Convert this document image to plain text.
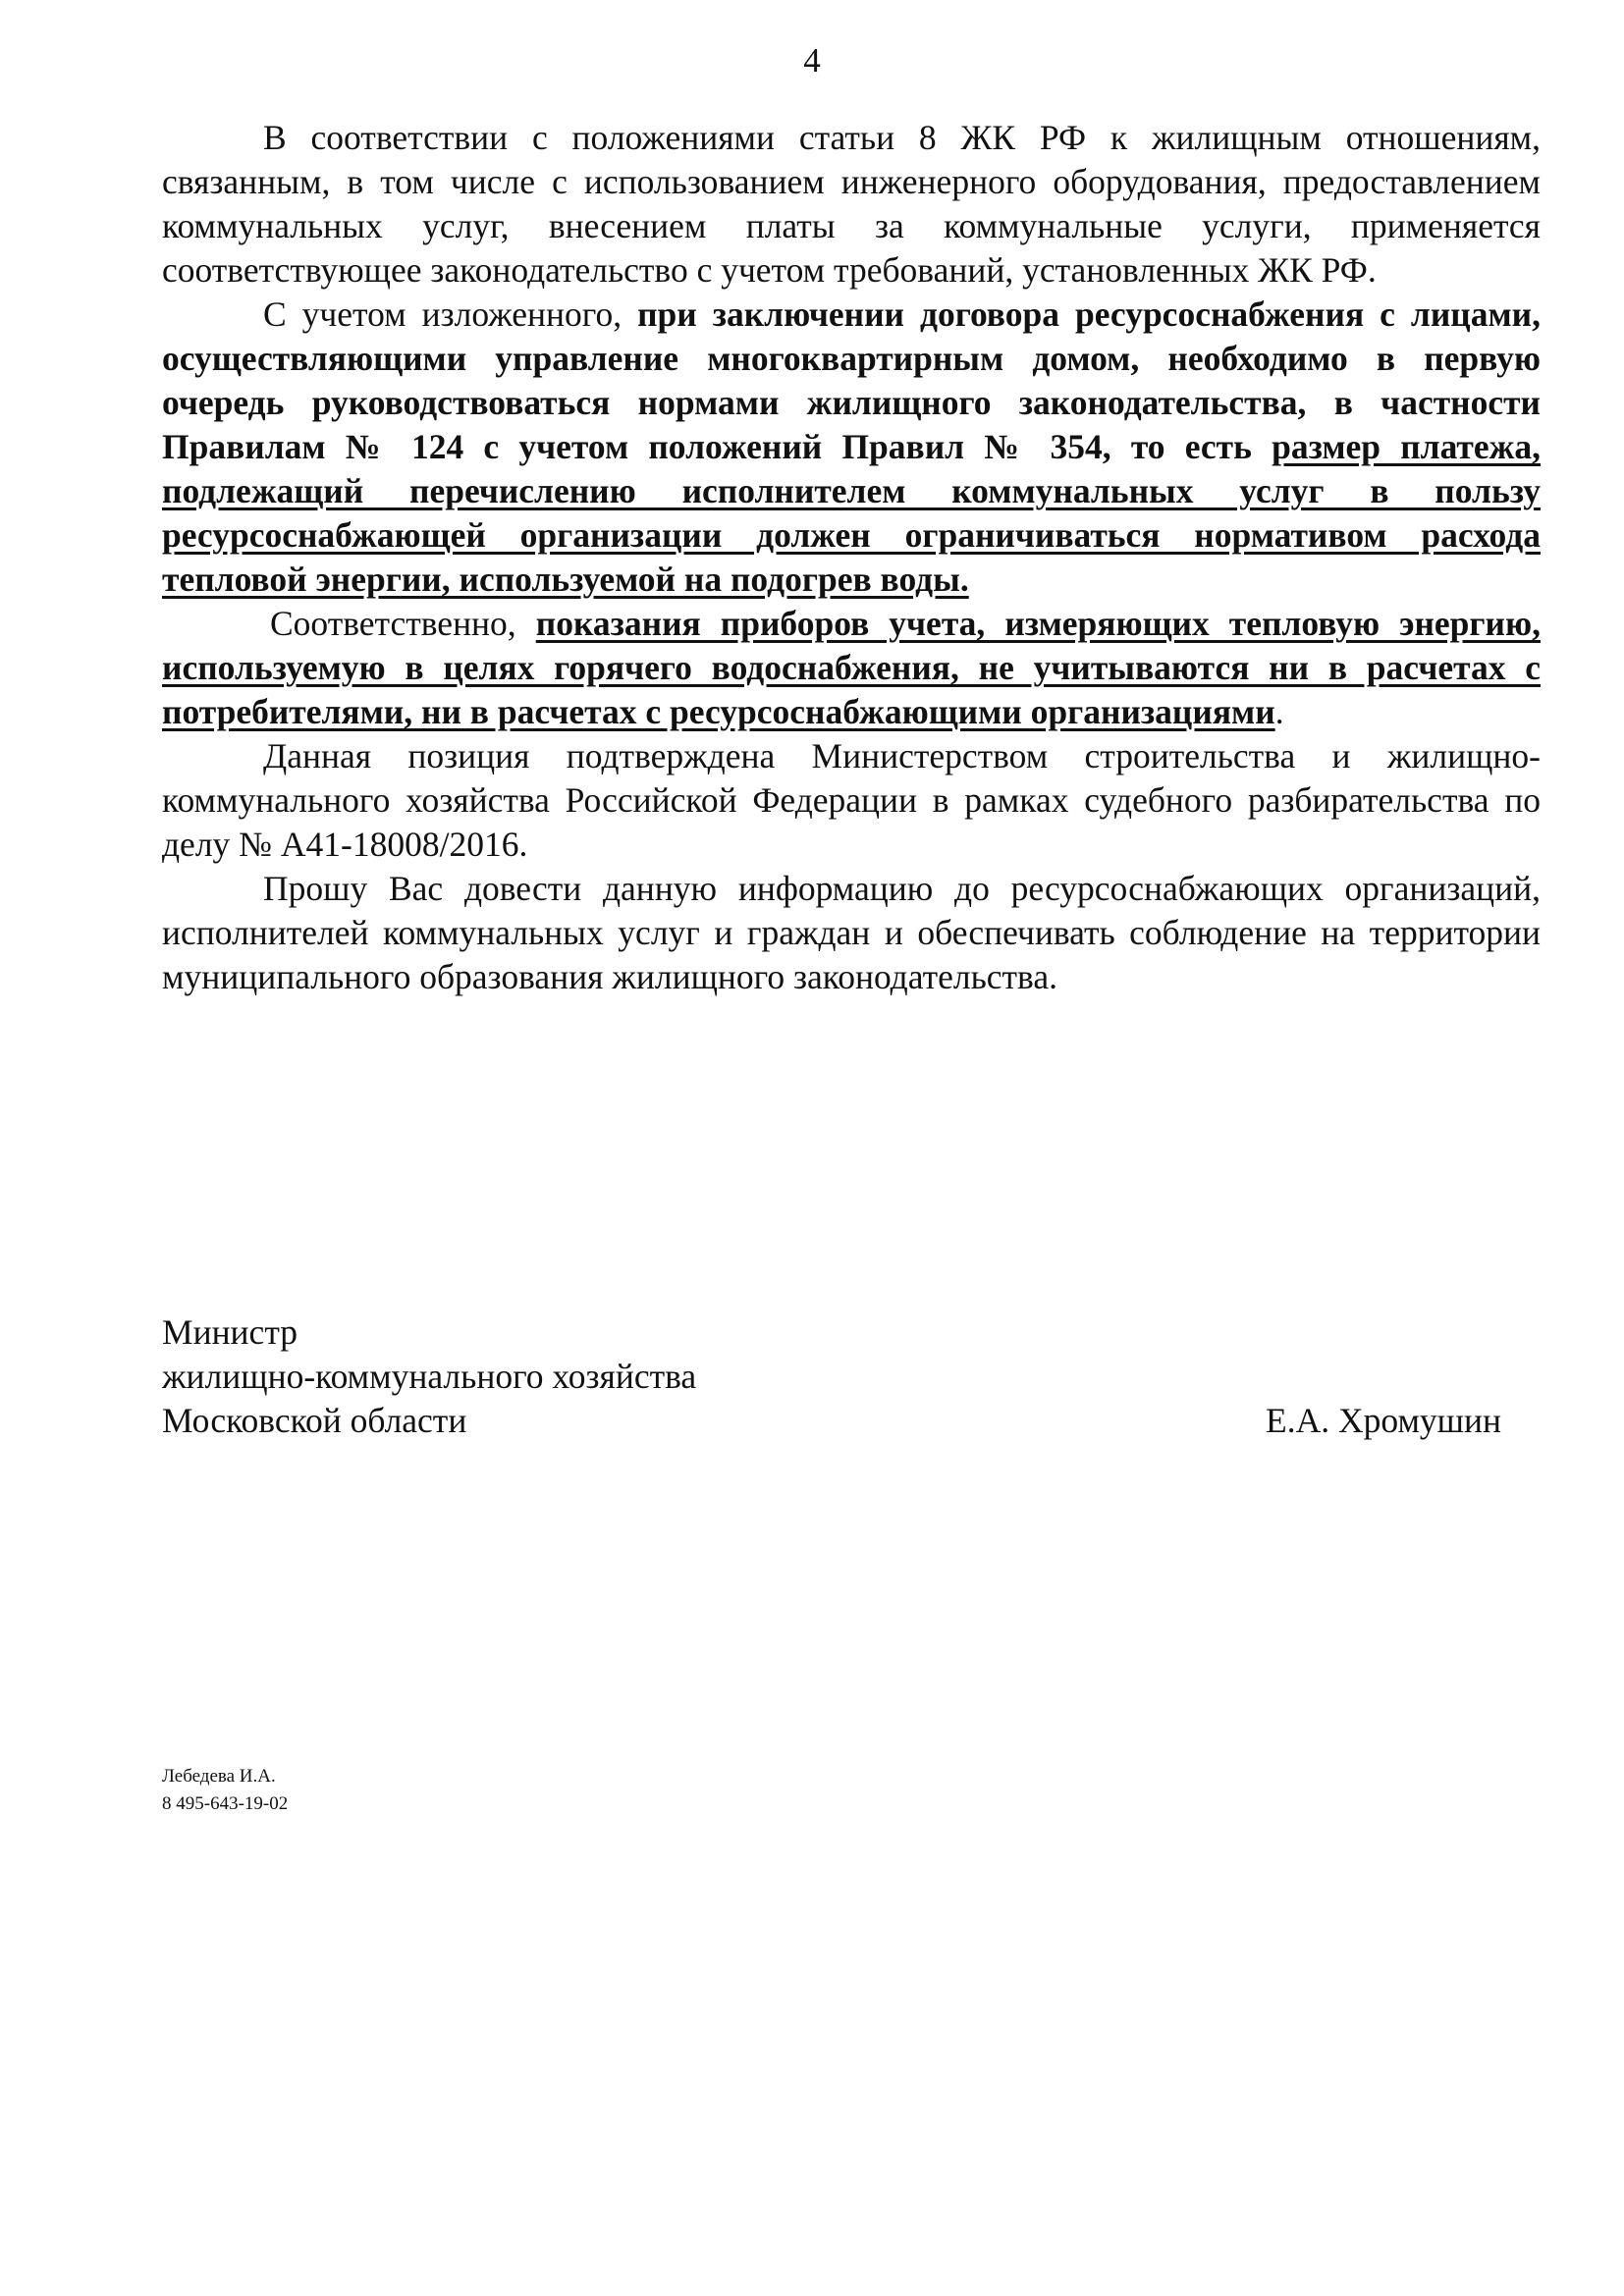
4

В соответствии с положениями статьи 8 ЖК РФ к жилищным отношениям, связанным, в том числе с использованием инженерного оборудования, предоставлением коммунальных услуг, внесением платы за коммунальные услуги, применяется соответствующее законодательство с учетом требований, установленных ЖК РФ.

С учетом изложенного, при заключении договора ресурсоснабжения с лицами, осуществляющими управление многоквартирным домом, необходимо в первую очередь руководствоваться нормами жилищного законодательства, в частности Правилам № 124 с учетом положений Правил № 354, то есть размер платежа, подлежащий перечислению исполнителем коммунальных услуг в пользу ресурсоснабжающей организации должен ограничиваться нормативом расхода тепловой энергии, используемой на подогрев воды.

Соответственно, показания приборов учета, измеряющих тепловую энергию, используемую в целях горячего водоснабжения, не учитываются ни в расчетах с потребителями, ни в расчетах с ресурсоснабжающими организациями.

Данная позиция подтверждена Министерством строительства и жилищно-коммунального хозяйства Российской Федерации в рамках судебного разбирательства по делу № А41-18008/2016.

Прошу Вас довести данную информацию до ресурсоснабжающих организаций, исполнителей коммунальных услуг и граждан и обеспечивать соблюдение на территории муниципального образования жилищного законодательства.

Министр
жилищно-коммунального хозяйства
Московской области	Е.А. Хромушин
Лебедева И.А.
8 495-643-19-02
